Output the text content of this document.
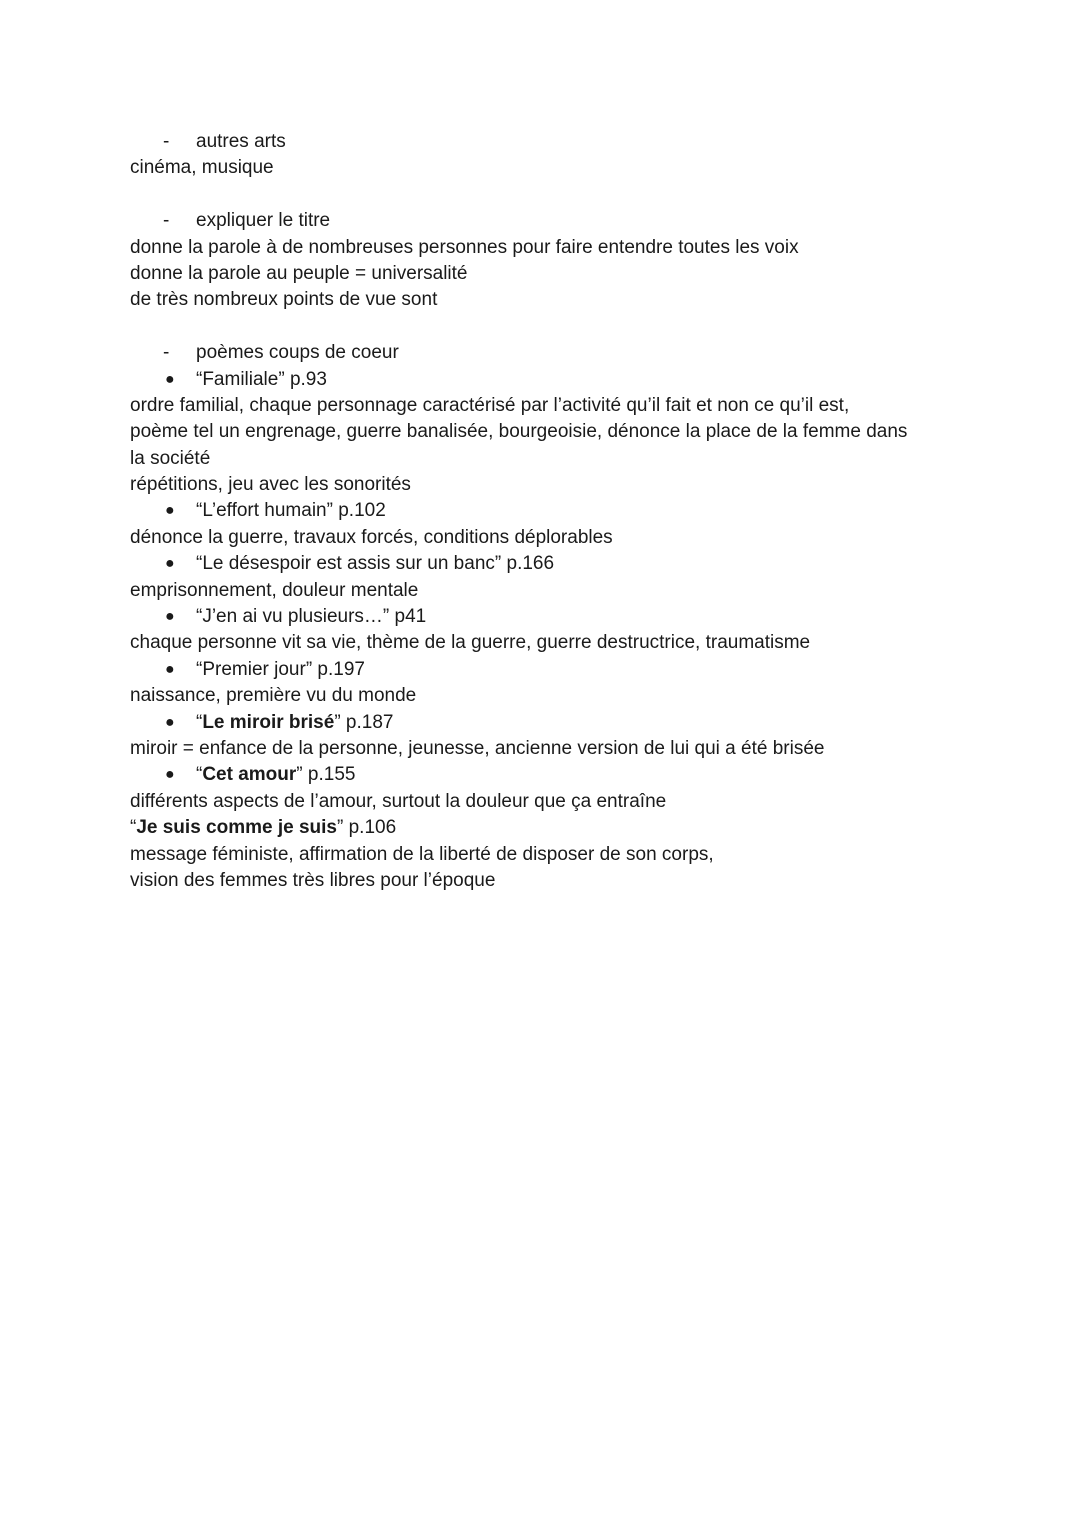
- autres arts
cinéma, musique
- expliquer le titre
donne la parole à de nombreuses personnes pour faire entendre toutes les voix
donne la parole au peuple = universalité
de très nombreux points de vue sont
- poèmes coups de coeur
● “Familiale” p.93
ordre familial, chaque personnage caractérisé par l’activité qu’il fait et non ce qu’il est,
poème tel un engrenage, guerre banalisée, bourgeoisie, dénonce la place de la femme dans
la société
répétitions, jeu avec les sonorités
● “L’effort humain” p.102
dénonce la guerre, travaux forcés, conditions déplorables
● “Le désespoir est assis sur un banc” p.166
emprisonnement, douleur mentale
● “J’en ai vu plusieurs…” p41
chaque personne vit sa vie, thème de la guerre, guerre destructrice, traumatisme
● “Premier jour” p.197
naissance, première vu du monde
● “Le miroir brisé” p.187
miroir = enfance de la personne, jeunesse, ancienne version de lui qui a été brisée
● “Cet amour” p.155
différents aspects de l’amour, surtout la douleur que ça entraîne
“Je suis comme je suis” p.106
message féministe, affirmation de la liberté de disposer de son corps,
vision des femmes très libres pour l’époque
